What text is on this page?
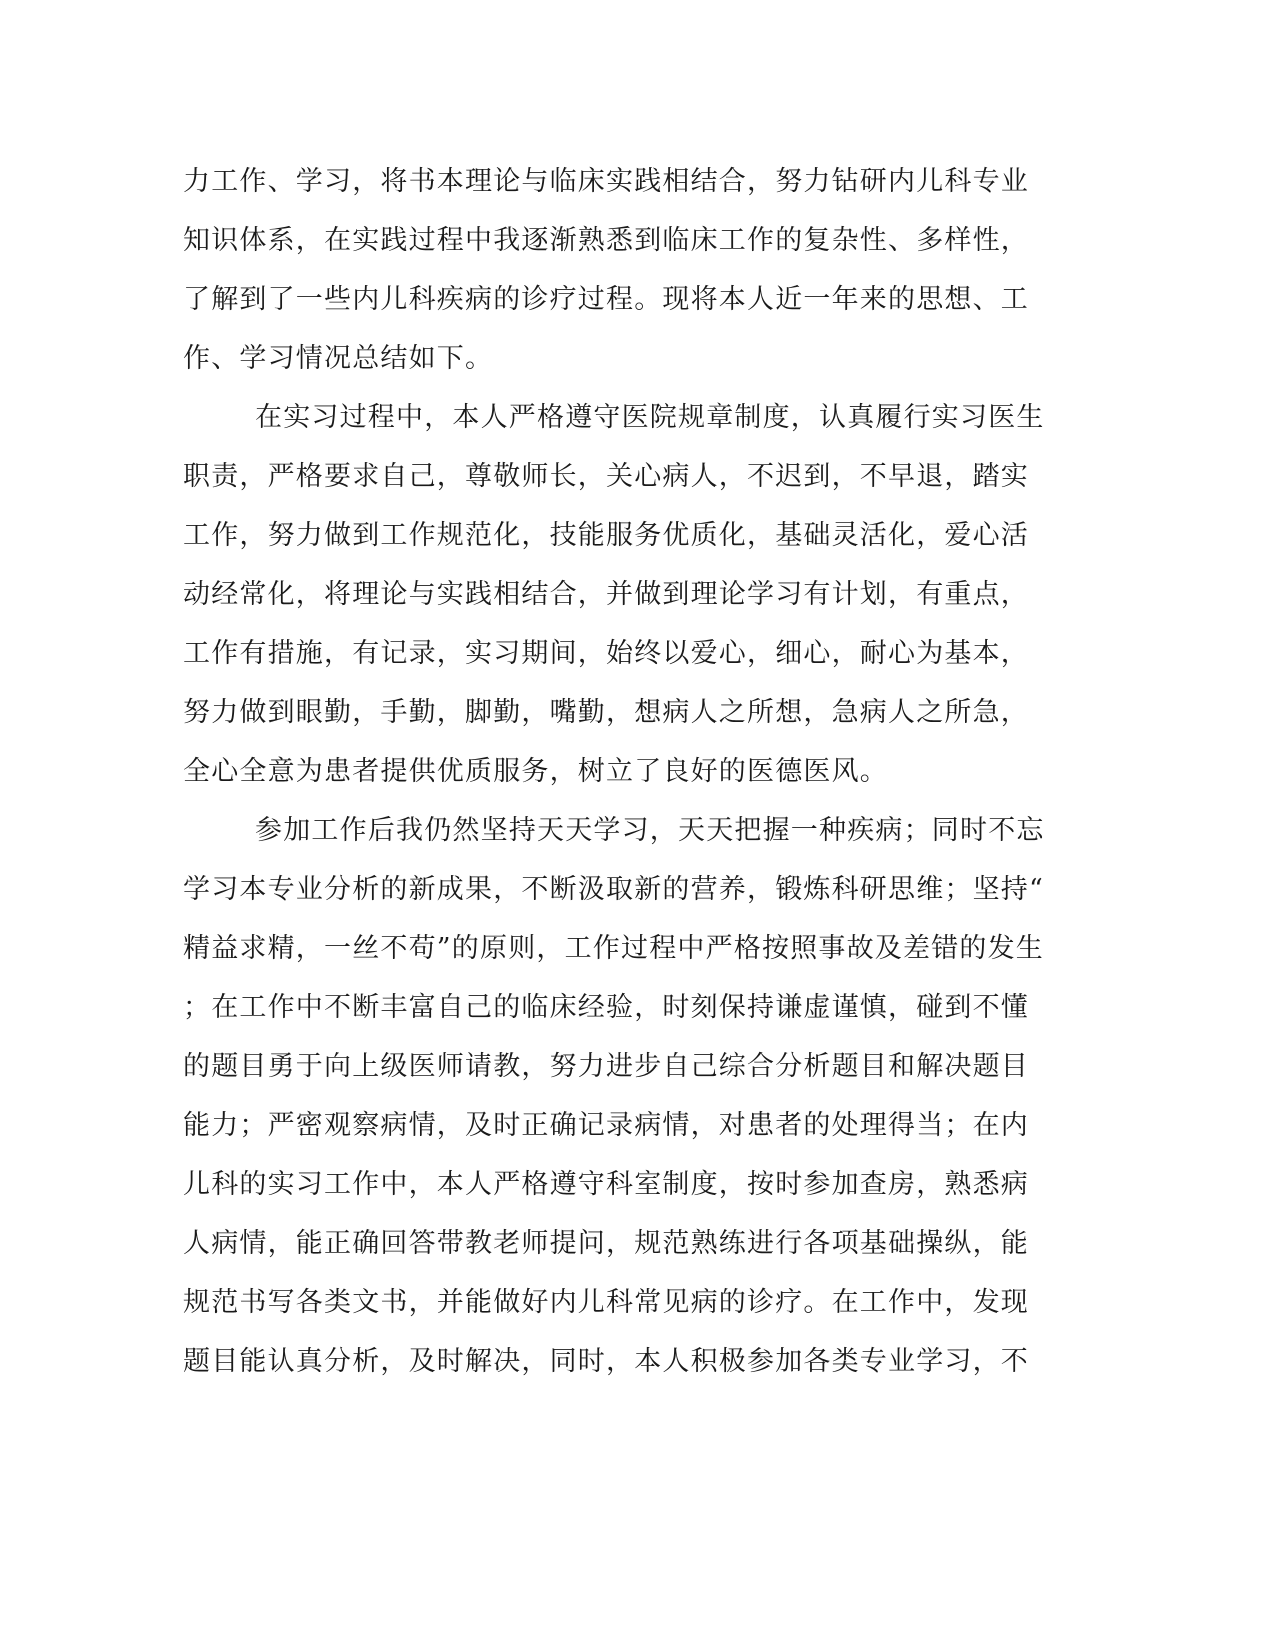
力工作、学习，将书本理论与临床实践相结合，努力钻研内儿科专业
知识体系，在实践过程中我逐渐熟悉到临床工作的复杂性、多样性，
了解到了一些内儿科疾病的诊疗过程。现将本人近一年来的思想、工
作、学习情况总结如下。
在实习过程中，本人严格遵守医院规章制度，认真履行实习医生
职责，严格要求自己，尊敬师长，关心病人，不迟到，不早退，踏实
工作，努力做到工作规范化，技能服务优质化，基础灵活化，爱心活
动经常化，将理论与实践相结合，并做到理论学习有计划，有重点，
工作有措施，有记录，实习期间，始终以爱心，细心，耐心为基本，
努力做到眼勤，手勤，脚勤，嘴勤，想病人之所想，急病人之所急，
全心全意为患者提供优质服务，树立了良好的医德医风。
参加工作后我仍然坚持天天学习，天天把握一种疾病；同时不忘
学习本专业分析的新成果，不断汲取新的营养，锻炼科研思维；坚持“
精益求精，一丝不苟”的原则，工作过程中严格按照事故及差错的发生
；在工作中不断丰富自己的临床经验，时刻保持谦虚谨慎，碰到不懂
的题目勇于向上级医师请教，努力进步自己综合分析题目和解决题目
能力；严密观察病情，及时正确记录病情，对患者的处理得当；在内
儿科的实习工作中，本人严格遵守科室制度，按时参加查房，熟悉病
人病情，能正确回答带教老师提问，规范熟练进行各项基础操纵，能
规范书写各类文书，并能做好内儿科常见病的诊疗。在工作中，发现
题目能认真分析，及时解决，同时，本人积极参加各类专业学习，不
